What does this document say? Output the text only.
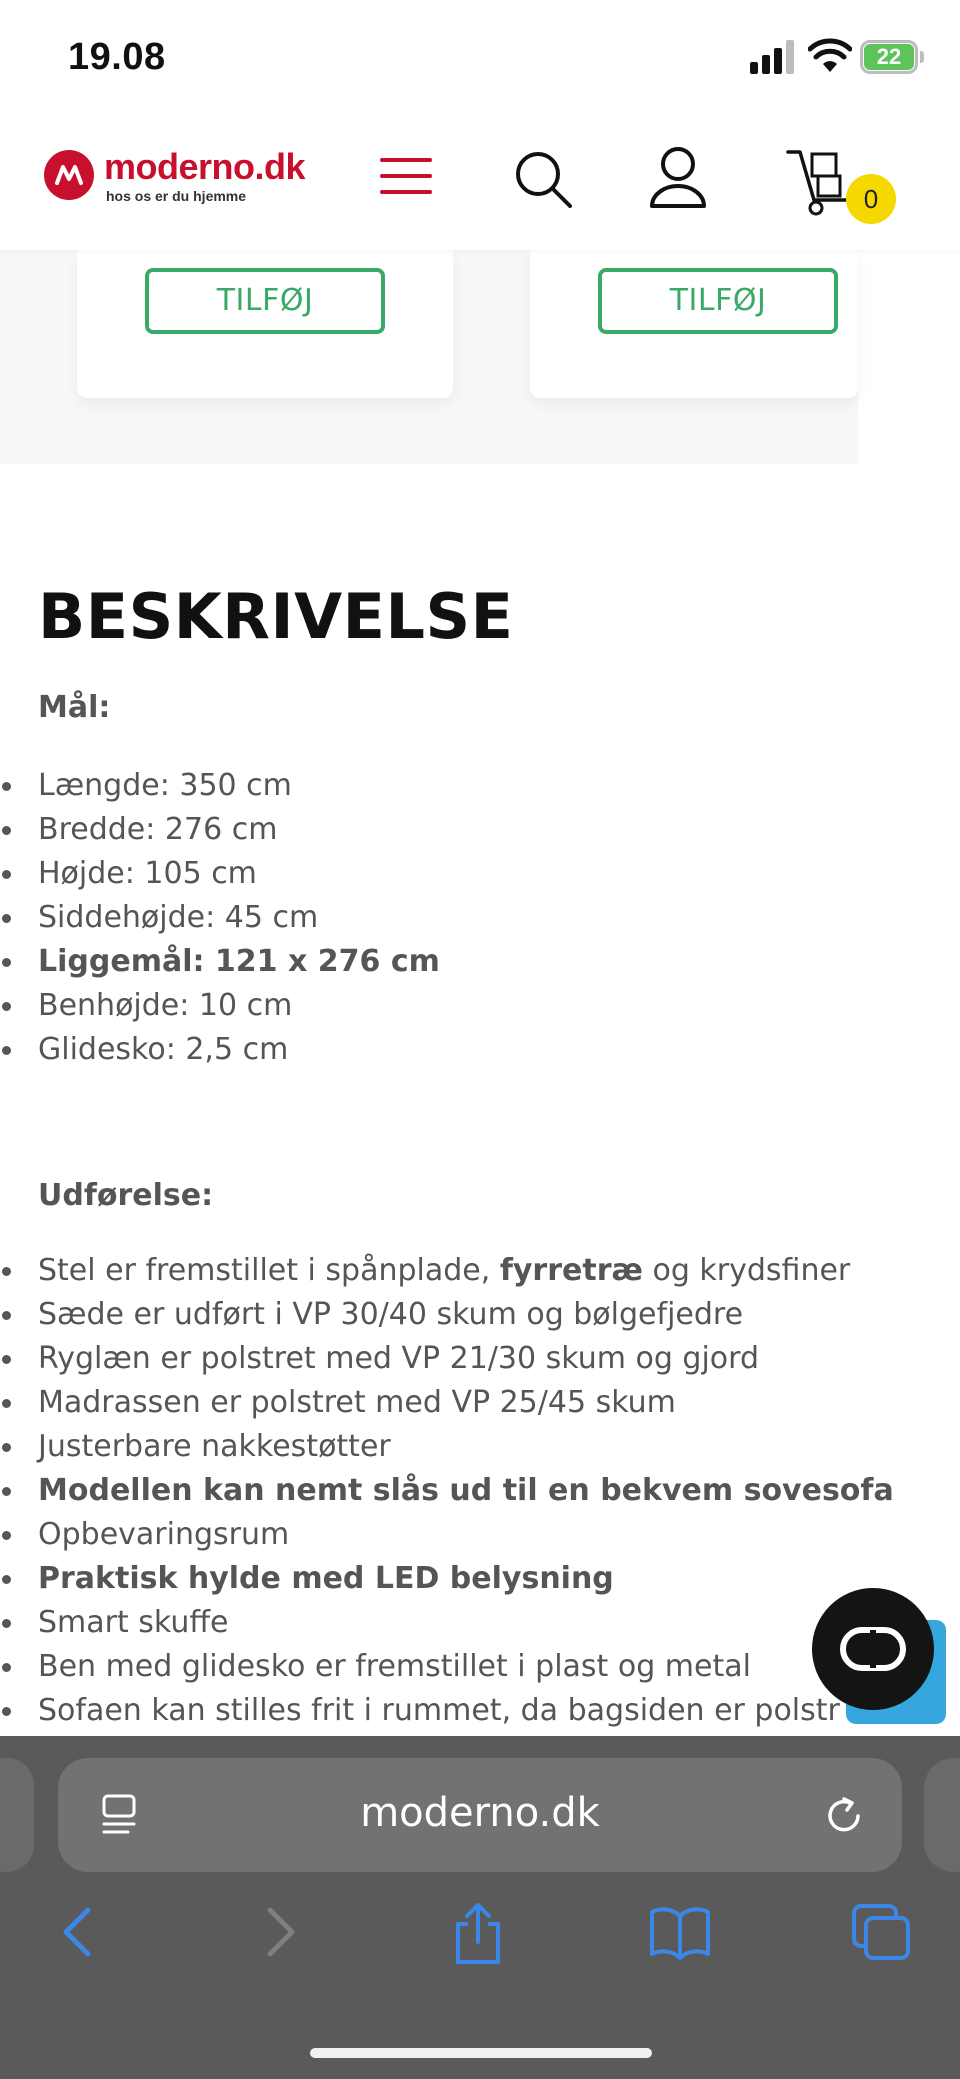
19.08	22
moderno.dk
hos os er du hjemme	0
TILFØJ	TILFØJ
BESKRIVELSE
Mål:
Længde: 350 cm
Bredde: 276 cm
Højde: 105 cm
Siddehøjde: 45 cm
Liggemål: 121 x 276 cm
Benhøjde: 10 cm
Glidesko: 2,5 cm
Udførelse:
Stel er fremstillet i spånplade, fyrretræ og krydsfiner
Sæde er udført i VP 30/40 skum og bølgefjedre
Ryglæn er polstret med VP 21/30 skum og gjord
Madrassen er polstret med VP 25/45 skum
Justerbare nakkestøtter
Modellen kan nemt slås ud til en bekvem sovesofa
Opbevaringsrum
Praktisk hylde med LED belysning
Smart skuffe
Ben med glidesko er fremstillet i plast og metal
Sofaen kan stilles frit i rummet, da bagsiden er polstr
moderno.dk
